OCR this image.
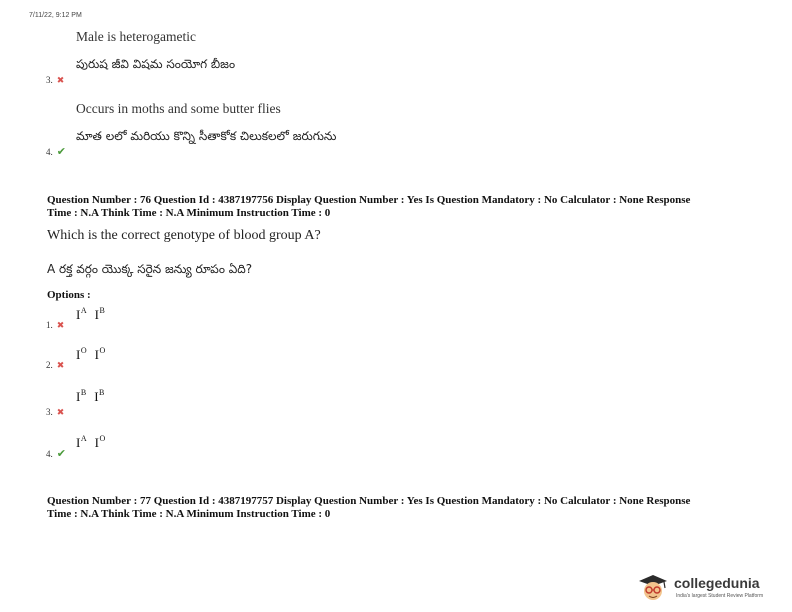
7/11/22, 9:12 PM
Male is heterogametic
పురుష జీవి విషమ సంయోగ బీజం
3. ✖
Occurs in moths and some butter flies
మాత లలో మరియు కొన్ని సీతాకోక చిలుకలలో జరుగును
4. ✔
Question Number : 76 Question Id : 4387197756 Display Question Number : Yes Is Question Mandatory : No Calculator : None Response
Time : N.A Think Time : N.A Minimum Instruction Time : 0
Which is the correct genotype of blood group A?
A రక్త వర్గం యొక్క సరైన జన్యు రూపం ఏది?
Options :
1. ✖
$I^A$ $I^B$
2. ✖
$I^O$ $I^O$
3. ✖
$I^B$ $I^B$
4. ✔
$I^A$ $I^O$
Question Number : 77 Question Id : 4387197757 Display Question Number : Yes Is Question Mandatory : No Calculator : None Response
Time : N.A Think Time : N.A Minimum Instruction Time : 0
collegedunia
India's largest Student Review Platform
